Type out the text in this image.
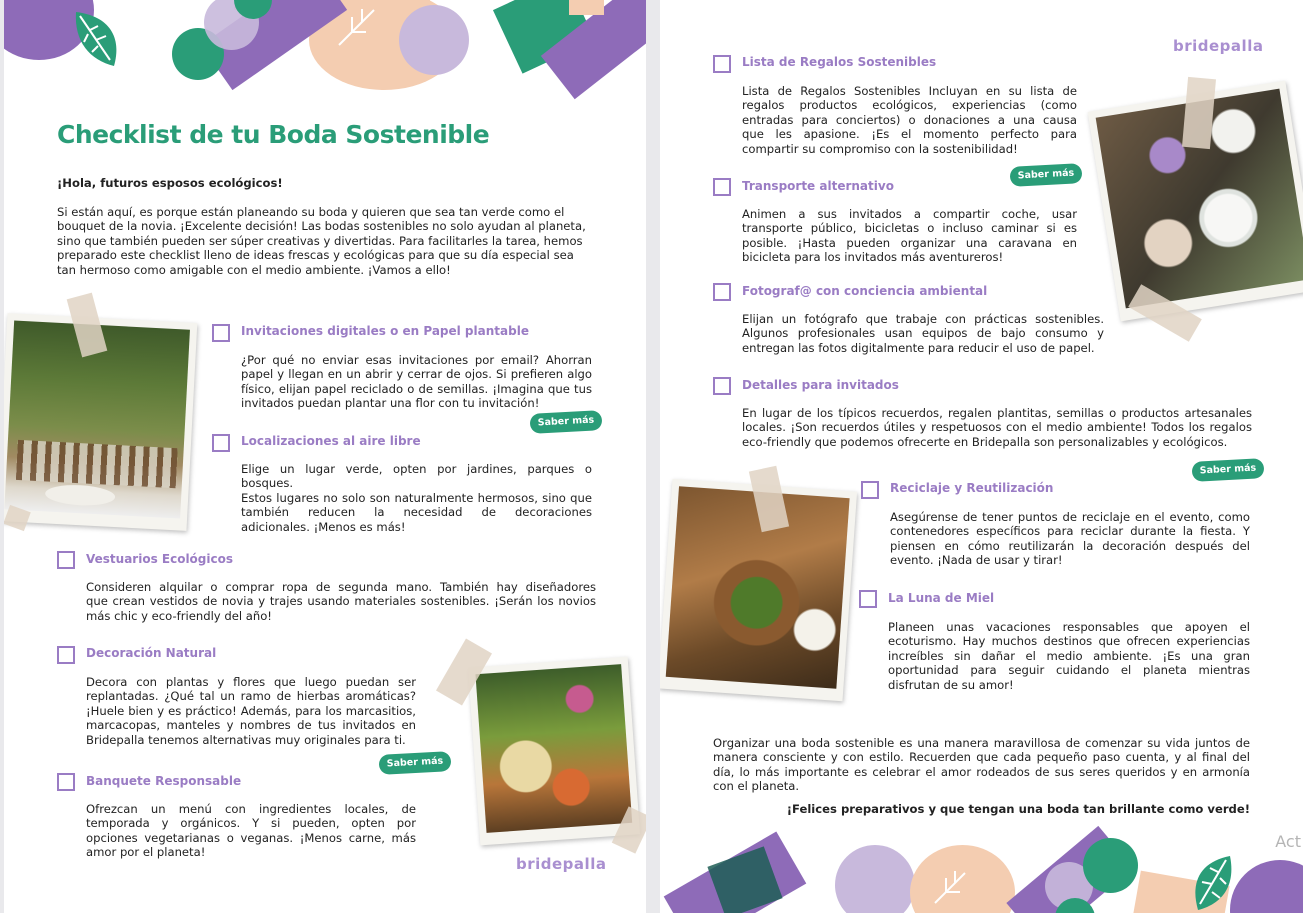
Checklist de tu Boda Sostenible

¡Hola, futuros esposos ecológicos!

Si están aquí, es porque están planeando su boda y quieren que sea tan verde como el
bouquet de la novia. ¡Excelente decisión! Las bodas sostenibles no solo ayudan al planeta,
sino que también pueden ser súper creativas y divertidas. Para facilitarles la tarea, hemos
preparado este checklist lleno de ideas frescas y ecológicas para que su día especial sea
tan hermoso como amigable con el medio ambiente. ¡Vamos a ello!
Invitaciones digitales o en Papel plantable
¿Por qué no enviar esas invitaciones por email? Ahorran
papel y llegan en un abrir y cerrar de ojos. Si prefieren algo
físico, elijan papel reciclado o de semillas. ¡Imagina que tus
invitados puedan plantar una flor con tu invitación!
Saber más
Localizaciones al aire libre
Elige un lugar verde, opten por jardines, parques o bosques.
Estos lugares no solo son naturalmente hermosos, sino que
también reducen la necesidad de decoraciones
adicionales. ¡Menos es más!
Vestuarios Ecológicos
Consideren alquilar o comprar ropa de segunda mano. También hay diseñadores
que crean vestidos de novia y trajes usando materiales sostenibles. ¡Serán los novios
más chic y eco-friendly del año!
Decoración Natural
Decora con plantas y flores que luego puedan ser
replantadas. ¿Qué tal un ramo de hierbas aromáticas?
¡Huele bien y es práctico! Además, para los marcasitios,
marcacopas, manteles y nombres de tus invitados en
Bridepalla tenemos alternativas muy originales para ti.
Saber más
Banquete Responsable
Ofrezcan un menú con ingredientes locales, de
temporada y orgánicos. Y si pueden, opten por
opciones vegetarianas o veganas. ¡Menos carne, más
amor por el planeta!
bridepalla
bridepalla
Lista de Regalos Sostenibles
Lista de Regalos Sostenibles Incluyan en su lista de
regalos productos ecológicos, experiencias (como
entradas para conciertos) o donaciones a una causa
que les apasione. ¡Es el momento perfecto para
compartir su compromiso con la sostenibilidad!
Saber más
Transporte alternativo
Animen a sus invitados a compartir coche, usar
transporte público, bicicletas o incluso caminar si es
posible. ¡Hasta pueden organizar una caravana en
bicicleta para los invitados más aventureros!
Fotograf@ con conciencia ambiental
Elijan un fotógrafo que trabaje con prácticas sostenibles.
Algunos profesionales usan equipos de bajo consumo y
entregan las fotos digitalmente para reducir el uso de papel.
Detalles para invitados
En lugar de los típicos recuerdos, regalen plantitas, semillas o productos artesanales
locales. ¡Son recuerdos útiles y respetuosos con el medio ambiente! Todos los regalos
eco-friendly que podemos ofrecerte en Bridepalla son personalizables y ecológicos.
Saber más
Reciclaje y Reutilización
Asegúrense de tener puntos de reciclaje en el evento, como
contenedores específicos para reciclar durante la fiesta. Y
piensen en cómo reutilizarán la decoración después del
evento. ¡Nada de usar y tirar!
La Luna de Miel
Planeen unas vacaciones responsables que apoyen el
ecoturismo. Hay muchos destinos que ofrecen experiencias
increíbles sin dañar el medio ambiente. ¡Es una gran
oportunidad para seguir cuidando el planeta mientras
disfrutan de su amor!
Organizar una boda sostenible es una manera maravillosa de comenzar su vida juntos de
manera consciente y con estilo. Recuerden que cada pequeño paso cuenta, y al final del
día, lo más importante es celebrar el amor rodeados de sus seres queridos y en armonía
con el planeta.
¡Felices preparativos y que tengan una boda tan brillante como verde!
Act
